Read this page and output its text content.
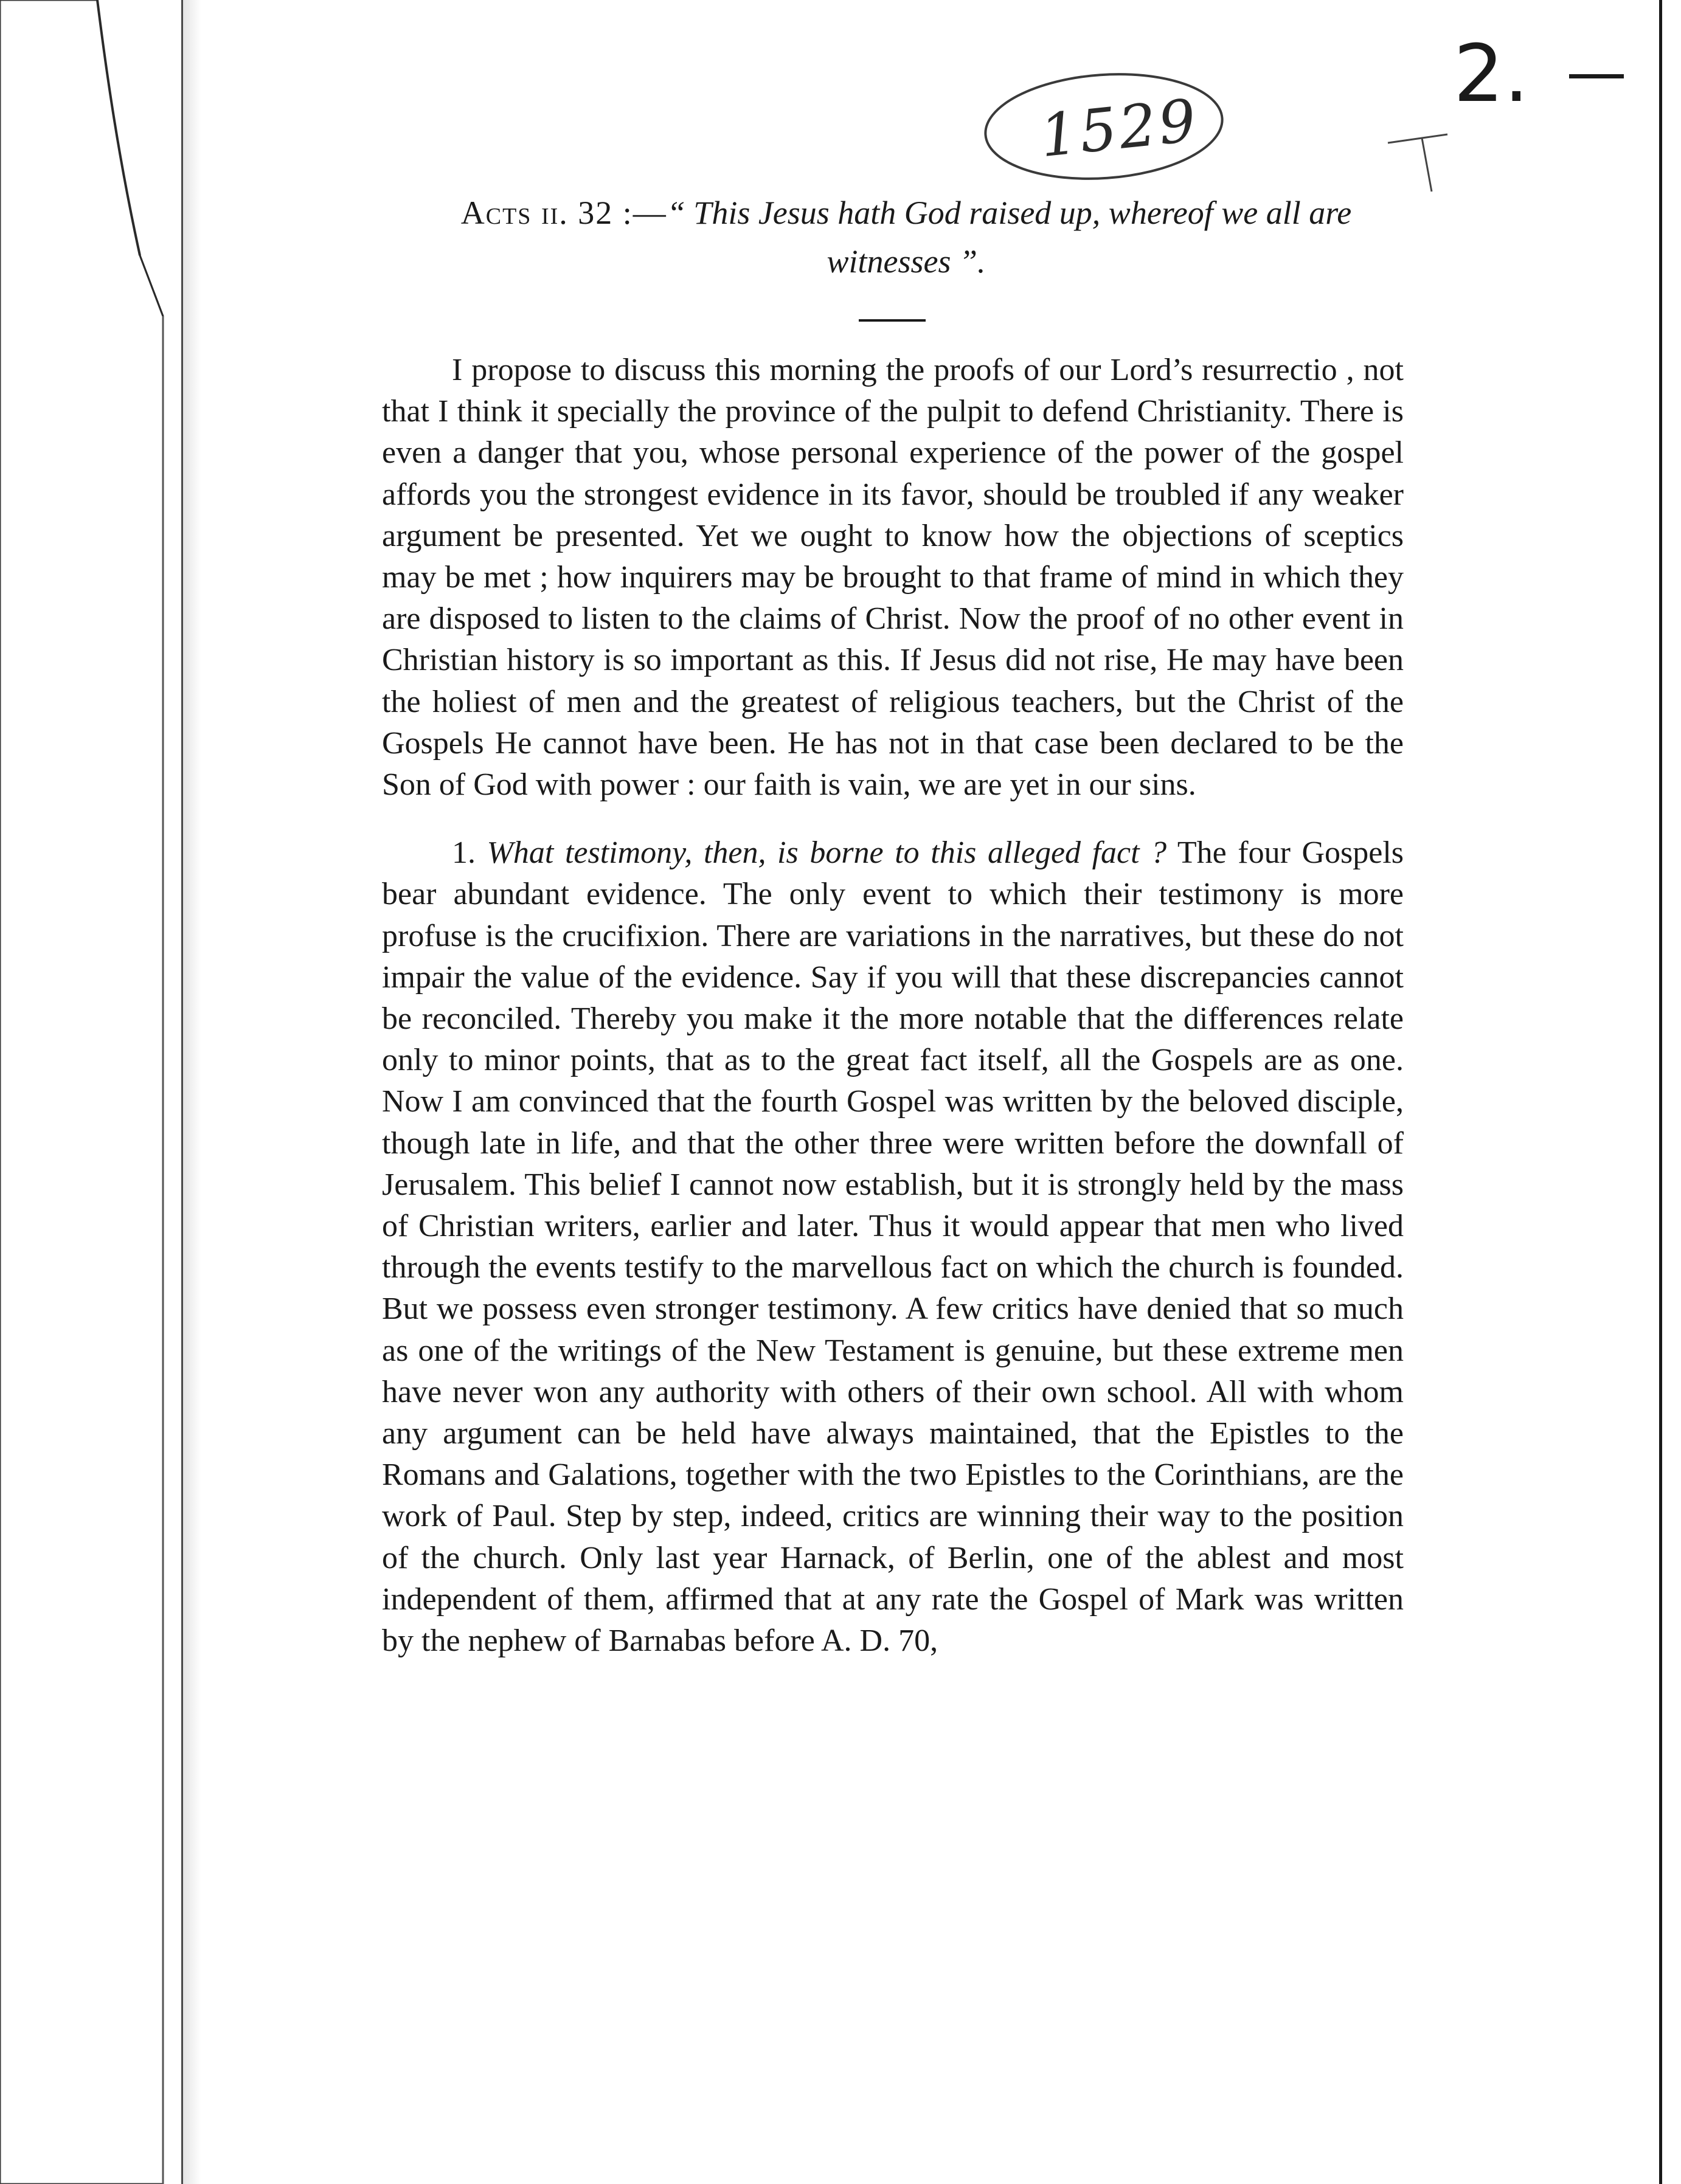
1529
2.
Acts ii. 32 :—“ This Jesus hath God raised up, whereof we all are witnesses ”.

I propose to discuss this morning the proofs of our Lord’s resurrectio , not that I think it specially the province of the pulpit to defend Christianity. There is even a danger that you, whose personal experience of the power of the gospel affords you the strongest evidence in its favor, should be troubled if any weaker argument be presented. Yet we ought to know how the objections of sceptics may be met ; how inquirers may be brought to that frame of mind in which they are disposed to listen to the claims of Christ. Now the proof of no other event in Christian history is so important as this. If Jesus did not rise, He may have been the holiest of men and the greatest of religious teachers, but the Christ of the Gospels He cannot have been. He has not in that case been declared to be the Son of God with power : our faith is vain, we are yet in our sins.

1. What testimony, then, is borne to this alleged fact ? The four Gospels bear abundant evidence. The only event to which their testimony is more profuse is the crucifixion. There are variations in the narratives, but these do not impair the value of the evidence. Say if you will that these discrepancies cannot be reconciled. Thereby you make it the more notable that the differences relate only to minor points, that as to the great fact itself, all the Gospels are as one. Now I am convinced that the fourth Gospel was written by the beloved disciple, though late in life, and that the other three were written before the downfall of Jerusalem. This belief I cannot now establish, but it is strongly held by the mass of Christian writers, earlier and later. Thus it would appear that men who lived through the events testify to the marvellous fact on which the church is founded. But we possess even stronger testimony. A few critics have denied that so much as one of the writings of the New Testament is genuine, but these extreme men have never won any authority with others of their own school. All with whom any argument can be held have always maintained, that the Epistles to the Romans and Galations, together with the two Epistles to the Corinthians, are the work of Paul. Step by step, indeed, critics are winning their way to the position of the church. Only last year Harnack, of Berlin, one of the ablest and most independent of them, affirmed that at any rate the Gospel of Mark was written by the nephew of Barnabas before A. D. 70,
